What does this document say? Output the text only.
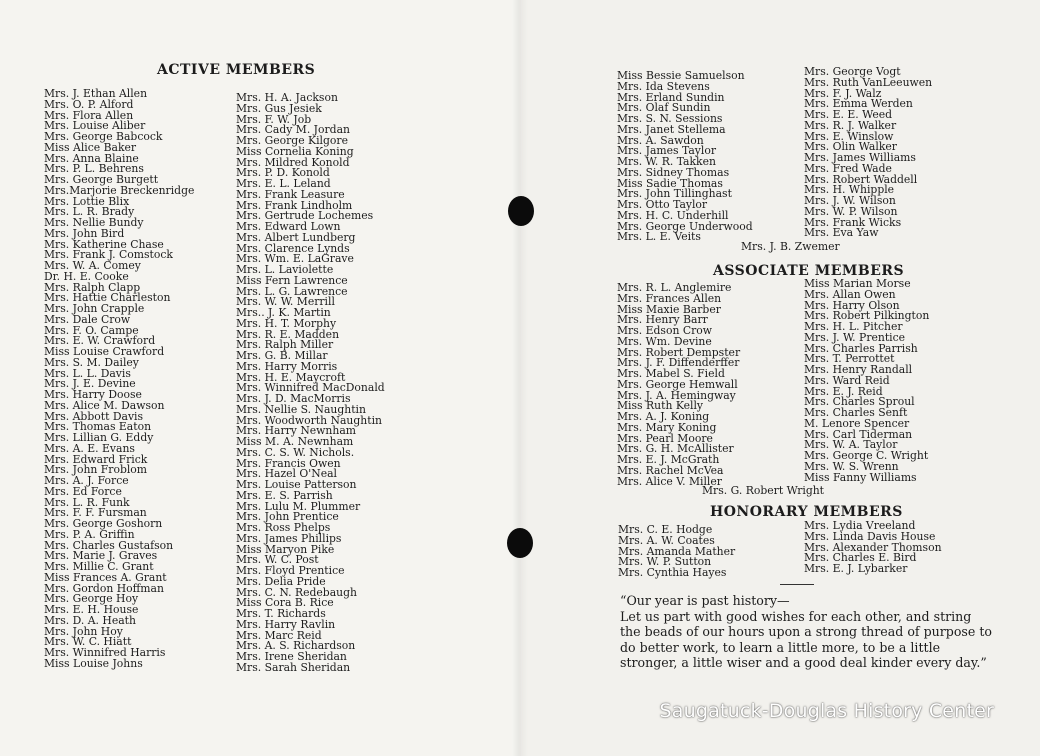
ACTIVE MEMBERS
Mrs. J. Ethan Allen
Mrs. O. P. Alford
Mrs. Flora Allen
Mrs. Louise Aliber
Mrs. George Babcock
Miss Alice Baker
Mrs. Anna Blaine
Mrs. P. L. Behrens
Mrs. George Burgett
Mrs.Marjorie Breckenridge
Mrs. Lottie Blix
Mrs. L. R. Brady
Mrs. Nellie Bundy
Mrs. John Bird
Mrs. Katherine Chase
Mrs. Frank J. Comstock
Mrs. W. A. Comey
Dr. H. E. Cooke
Mrs. Ralph Clapp
Mrs. Hattie Charleston
Mrs. John Crapple
Mrs. Dale Crow
Mrs. F. O. Campe
Mrs. E. W. Crawford
Miss Louise Crawford
Mrs. S. M. Dailey
Mrs. L. L. Davis
Mrs. J. E. Devine
Mrs. Harry Doose
Mrs. Alice M. Dawson
Mrs. Abbott Davis
Mrs. Thomas Eaton
Mrs. Lillian G. Eddy
Mrs. A. E. Evans
Mrs. Edward Frick
Mrs. John Froblom
Mrs. A. J. Force
Mrs. Ed Force
Mrs. L. R. Funk
Mrs. F. F. Fursman
Mrs. George Goshorn
Mrs. P. A. Griffin
Mrs. Charles Gustafson
Mrs. Marie J. Graves
Mrs. Millie C. Grant
Miss Frances A. Grant
Mrs. Gordon Hoffman
Mrs. George Hoy
Mrs. E. H. House
Mrs. D. A. Heath
Mrs. John Hoy
Mrs. W. C. Hiatt
Mrs. Winnifred Harris
Miss Louise Johns
Mrs. H. A. Jackson
Mrs. Gus Jesiek
Mrs. F. W. Job
Mrs. Cady M. Jordan
Mrs. George Kilgore
Miss Cornelia Koning
Mrs. Mildred Konold
Mrs. P. D. Konold
Mrs. E. L. Leland
Mrs. Frank Leasure
Mrs. Frank Lindholm
Mrs. Gertrude Lochemes
Mrs. Edward Lown
Mrs. Albert Lundberg
Mrs. Clarence Lynds
Mrs. Wm. E. LaGrave
Mrs. L. Laviolette
Miss Fern Lawrence
Mrs. L. G. Lawrence
Mrs. W. W. Merrill
Mrs.. J. K. Martin
Mrs. H. T. Morphy
Mrs. R. E. Madden
Mrs. Ralph Miller
Mrs. G. B. Millar
Mrs. Harry Morris
Mrs. H. E. Maycroft
Mrs. Winnifred MacDonald
Mrs. J. D. MacMorris
Mrs. Nellie S. Naughtin
Mrs. Woodworth Naughtin
Mrs. Harry Newnham
Miss M. A. Newnham
Mrs. C. S. W. Nichols.
Mrs. Francis Owen
Mrs. Hazel O'Neal
Mrs. Louise Patterson
Mrs. E. S. Parrish
Mrs. Lulu M. Plummer
Mrs. John Prentice
Mrs. Ross Phelps
Mrs. James Phillips
Miss Maryon Pike
Mrs. W. C. Post
Mrs. Floyd Prentice
Mrs. Delia Pride
Mrs. C. N. Redebaugh
Miss Cora B. Rice
Mrs. T. Richards
Mrs. Harry Ravlin
Mrs. Marc Reid
Mrs. A. S. Richardson
Mrs. Irene Sheridan
Mrs. Sarah Sheridan
Miss Bessie Samuelson
Mrs. Ida Stevens
Mrs. Erland Sundin
Mrs. Olaf Sundin
Mrs. S. N. Sessions
Mrs. Janet Stellema
Mrs. A. Sawdon
Mrs. James Taylor
Mrs. W. R. Takken
Mrs. Sidney Thomas
Miss Sadie Thomas
Mrs. John Tillinghast
Mrs. Otto Taylor
Mrs. H. C. Underhill
Mrs. George Underwood
Mrs. L. E. Veits
Mrs. George Vogt
Mrs. Ruth VanLeeuwen
Mrs. F. J. Walz
Mrs. Emma Werden
Mrs. E. E. Weed
Mrs. R. J. Walker
Mrs. E. Winslow
Mrs. Olin Walker
Mrs. James Williams
Mrs. Fred Wade
Mrs. Robert Waddell
Mrs. H. Whipple
Mrs. J. W. Wilson
Mrs. W. P. Wilson
Mrs. Frank Wicks
Mrs. Eva Yaw
Mrs. J. B. Zwemer
ASSOCIATE MEMBERS
Mrs. R. L. Anglemire
Mrs. Frances Allen
Miss Maxie Barber
Mrs. Henry Barr
Mrs. Edson Crow
Mrs. Wm. Devine
Mrs. Robert Dempster
Mrs. J. F. Diffenderffer
Mrs. Mabel S. Field
Mrs. George Hemwall
Mrs. J. A. Hemingway
Miss Ruth Kelly
Mrs. A. J. Koning
Mrs. Mary Koning
Mrs. Pearl Moore
Mrs. G. H. McAllister
Mrs. E. J. McGrath
Mrs. Rachel McVea
Mrs. Alice V. Miller
Miss Marian Morse
Mrs. Allan Owen
Mrs. Harry Olson
Mrs. Robert Pilkington
Mrs. H. L. Pitcher
Mrs. J. W. Prentice
Mrs. Charles Parrish
Mrs. T. Perrottet
Mrs. Henry Randall
Mrs. Ward Reid
Mrs. E. J. Reid
Mrs. Charles Sproul
Mrs. Charles Senft
M. Lenore Spencer
Mrs. Carl Tiderman
Mrs. W. A. Taylor
Mrs. George C. Wright
Mrs. W. S. Wrenn
Miss Fanny Williams
Mrs. G. Robert Wright
HONORARY MEMBERS
Mrs. C. E. Hodge
Mrs. A. W. Coates
Mrs. Amanda Mather
Mrs. W. P. Sutton
Mrs. Cynthia Hayes
Mrs. Lydia Vreeland
Mrs. Linda Davis House
Mrs. Alexander Thomson
Mrs. Charles E. Bird
Mrs. E. J. Lybarker

“Our year is past history—

Let us part with good wishes for each other, and string the beads of our hours upon a strong thread of purpose to do better work, to learn a little more, to be a little stronger, a little wiser and a good deal kinder every day.”

Saugatuck-Douglas History Center
